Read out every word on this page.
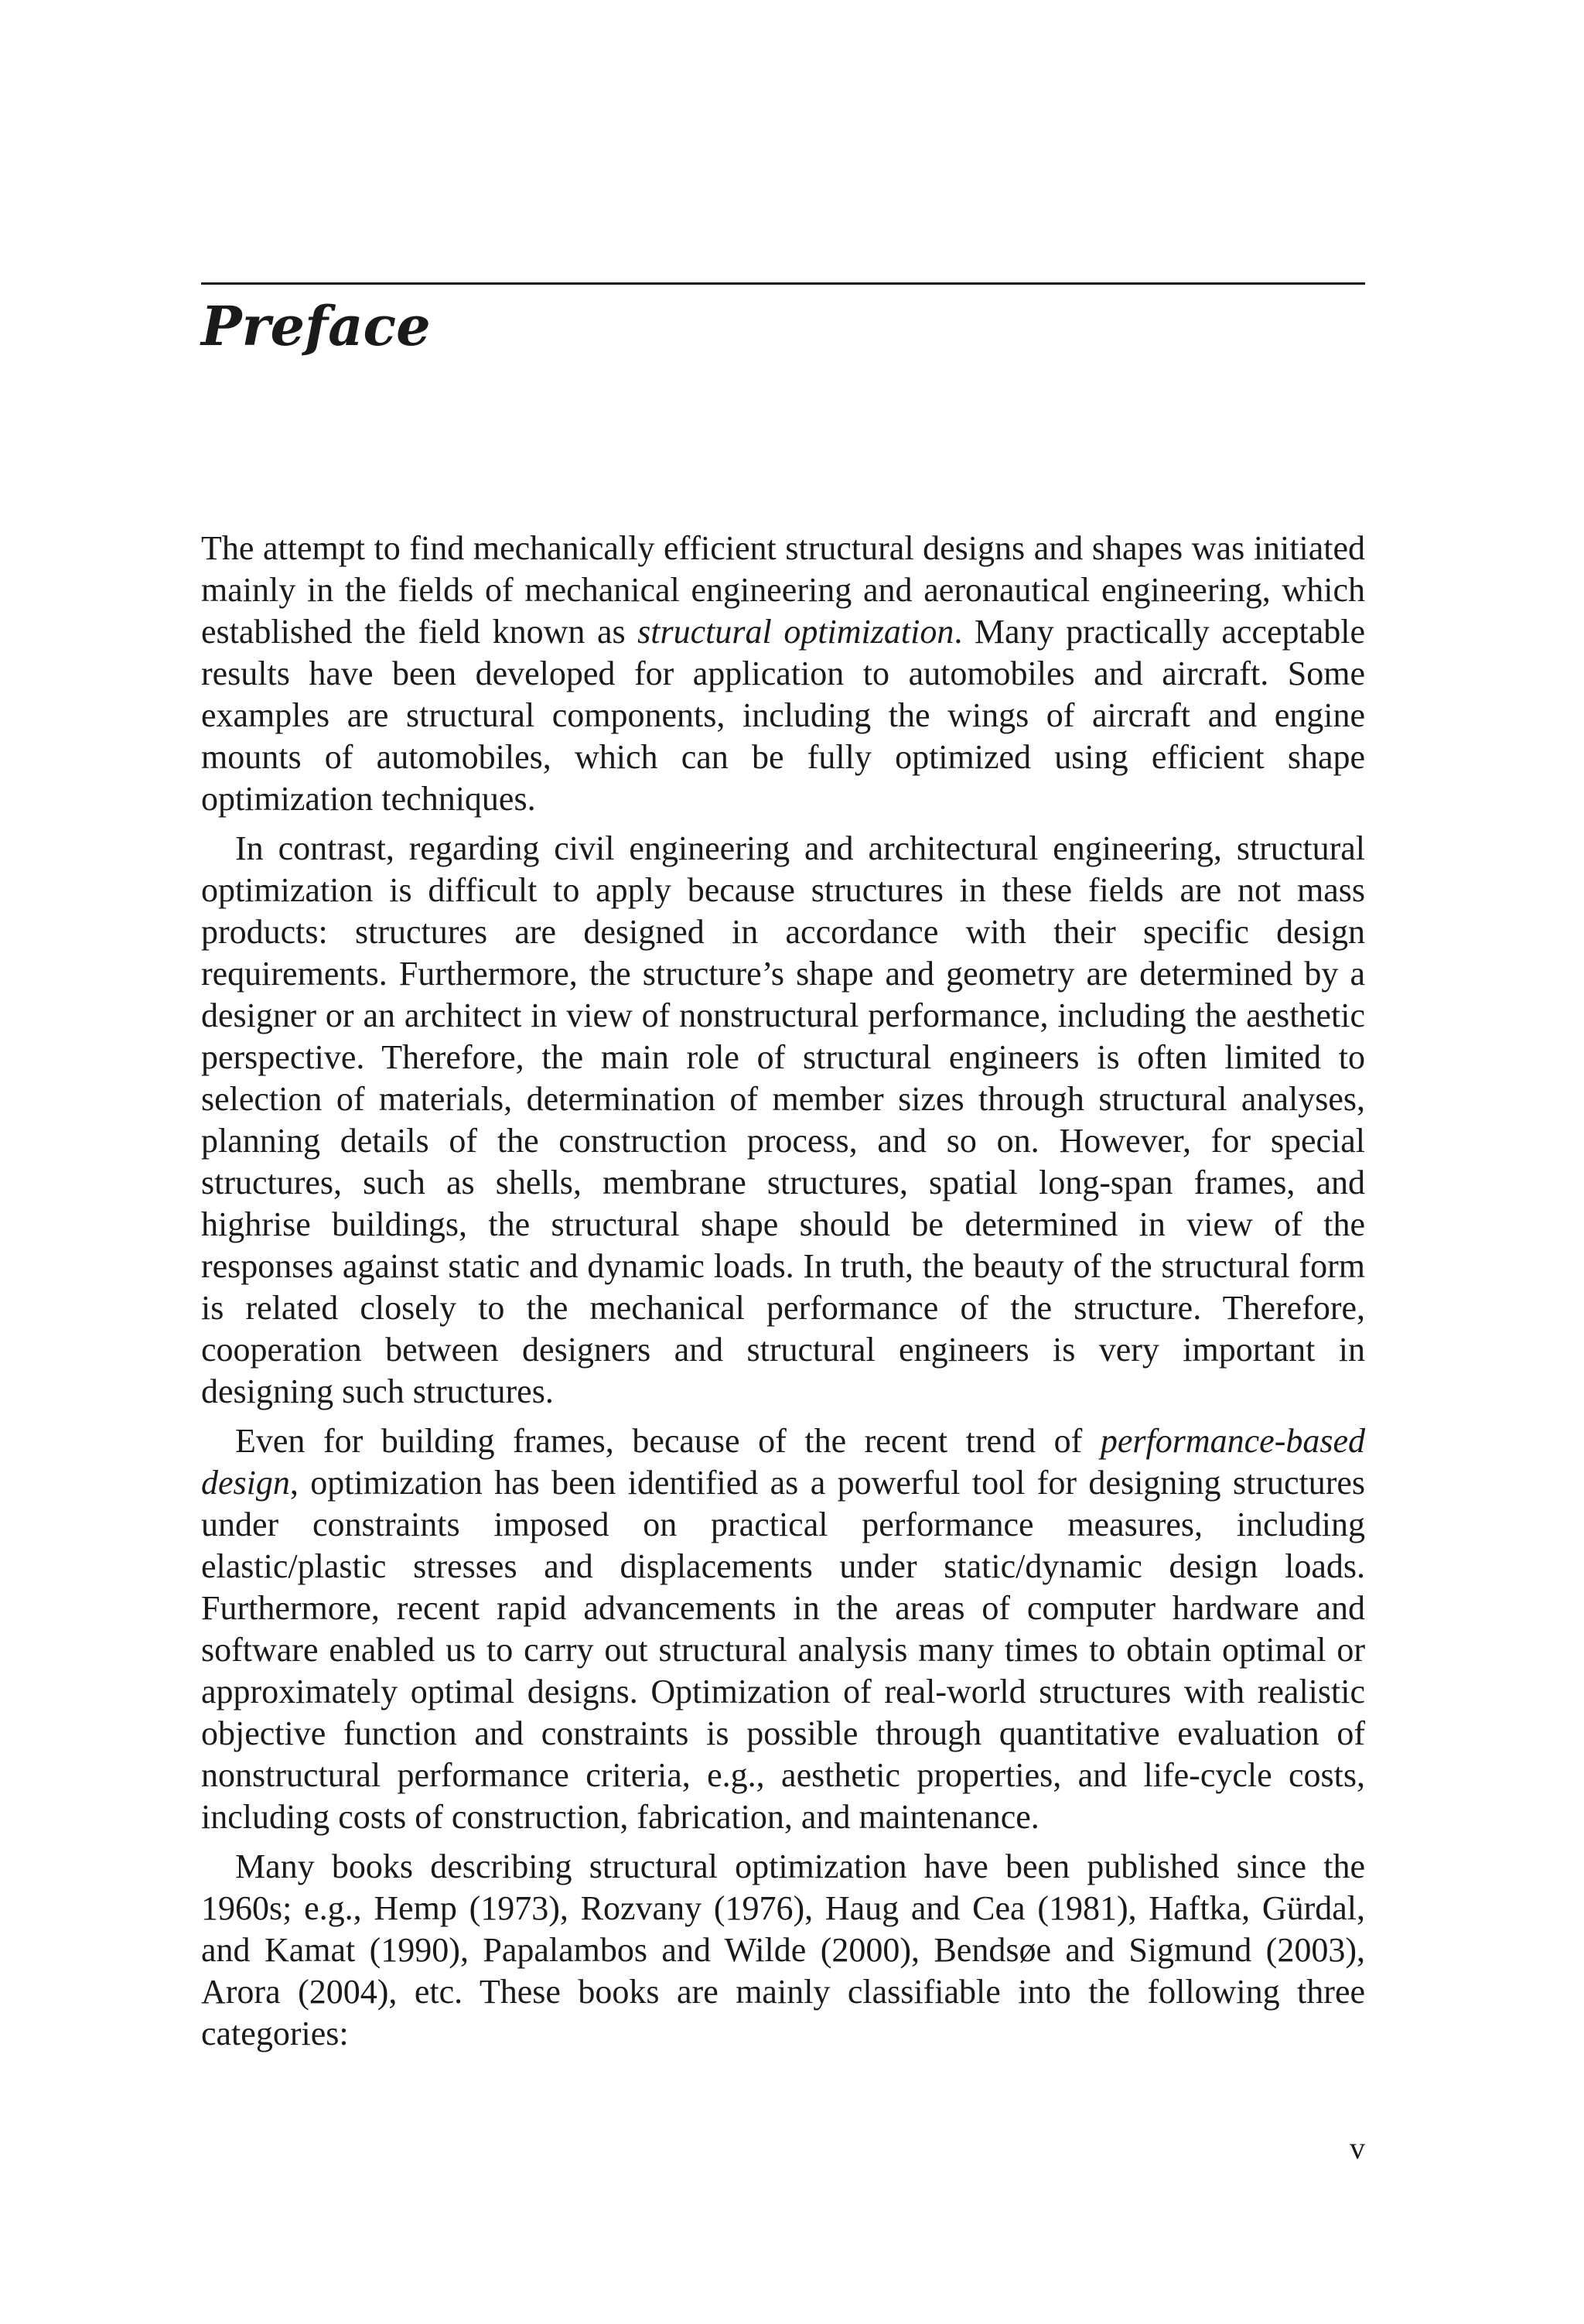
Preface

The attempt to find mechanically efficient structural designs and shapes was initiated mainly in the fields of mechanical engineering and aeronautical engineering, which established the field known as structural optimization. Many practically acceptable results have been developed for application to automobiles and aircraft. Some examples are structural components, including the wings of aircraft and engine mounts of automobiles, which can be fully optimized using efficient shape optimization techniques.

In contrast, regarding civil engineering and architectural engineering, structural optimization is difficult to apply because structures in these fields are not mass products: structures are designed in accordance with their specific design requirements. Furthermore, the structure’s shape and geometry are determined by a designer or an architect in view of nonstructural performance, including the aesthetic perspective. Therefore, the main role of structural engineers is often limited to selection of materials, determination of member sizes through structural analyses, planning details of the construction process, and so on. However, for special structures, such as shells, membrane structures, spatial long-span frames, and highrise buildings, the structural shape should be determined in view of the responses against static and dynamic loads. In truth, the beauty of the structural form is related closely to the mechanical performance of the structure. Therefore, cooperation between designers and structural engineers is very important in designing such structures.

Even for building frames, because of the recent trend of performance-based design, optimization has been identified as a powerful tool for designing structures under constraints imposed on practical performance measures, including elastic/plastic stresses and displacements under static/dynamic design loads. Furthermore, recent rapid advancements in the areas of computer hardware and software enabled us to carry out structural analysis many times to obtain optimal or approximately optimal designs. Optimization of real-world structures with realistic objective function and constraints is possible through quantitative evaluation of nonstructural performance criteria, e.g., aesthetic properties, and life-cycle costs, including costs of construction, fabrication, and maintenance.

Many books describing structural optimization have been published since the 1960s; e.g., Hemp (1973), Rozvany (1976), Haug and Cea (1981), Haftka, Gürdal, and Kamat (1990), Papalambos and Wilde (2000), Bendsøe and Sigmund (2003), Arora (2004), etc. These books are mainly classifiable into the following three categories:

v
